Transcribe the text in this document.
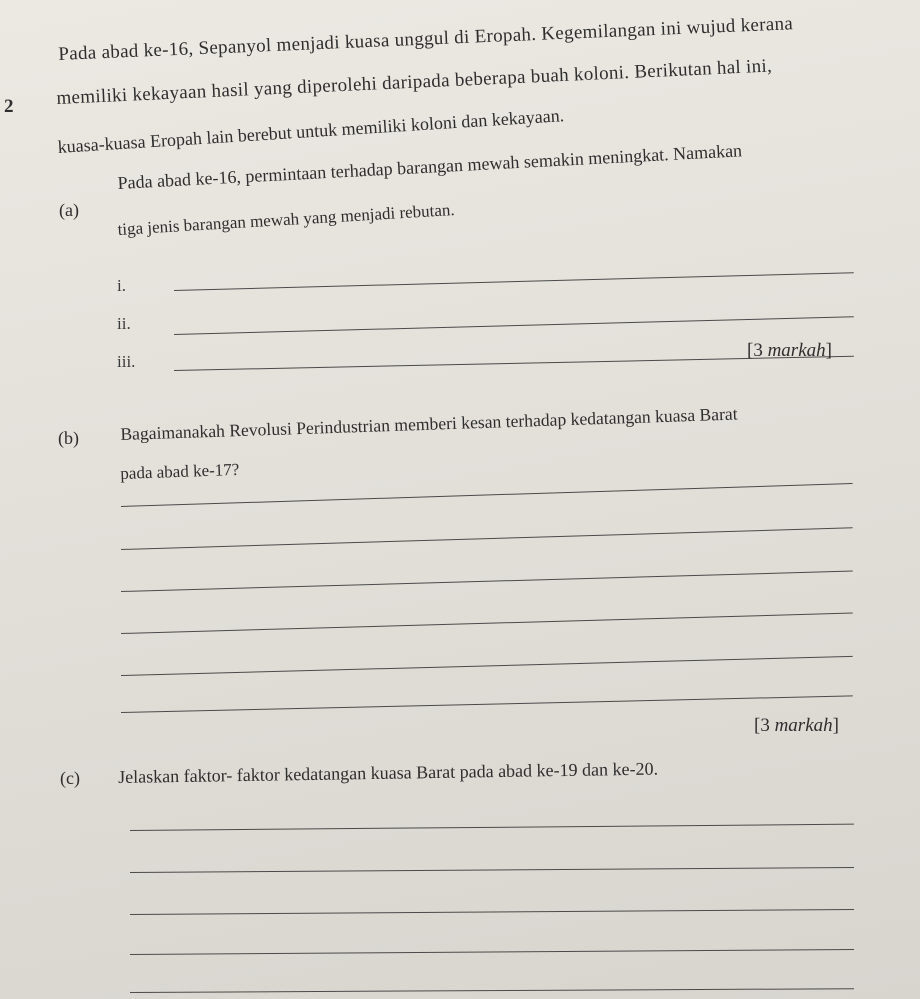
2
Pada abad ke-16, Sepanyol menjadi kuasa unggul di Eropah. Kegemilangan ini wujud kerana
memiliki kekayaan hasil yang diperolehi daripada beberapa buah koloni. Berikutan hal ini,
kuasa-kuasa Eropah lain berebut untuk memiliki koloni dan kekayaan.
(a)
Pada abad ke-16, permintaan terhadap barangan mewah semakin meningkat. Namakan
tiga jenis barangan mewah yang menjadi rebutan.
i.
ii.
iii.
[3 markah]
(b) Bagaimanakah Revolusi Perindustrian memberi kesan terhadap kedatangan kuasa Barat
pada abad ke-17?
[3 markah]
(c) Jelaskan faktor- faktor kedatangan kuasa Barat pada abad ke-19 dan ke-20.
